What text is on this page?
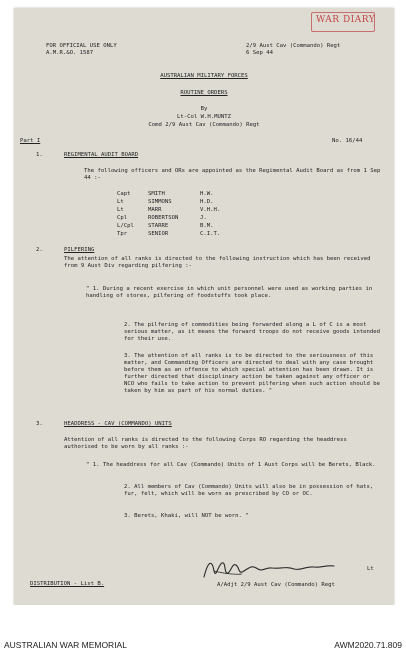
WAR DIARY
FOR OFFICIAL USE ONLY
A.M.R.&O. 1587
2/9 Aust Cav (Commando) Regt
6 Sep 44
AUSTRALIAN MILITARY FORCES
ROUTINE ORDERS
By
Lt-Col W.H.MUNTZ
Comd 2/9 Aust Cav (Commando) Regt
Part I	No. 16/44
1.	REGIMENTAL AUDIT BOARD
The following officers and ORs are appointed as the Regimental Audit Board as from 1 Sep 44 :-
Capt	SMITH	H.W.
Lt	SIMMONS	H.D.
Lt	MARR	V.H.H.
Cpl	ROBERTSON	J.
L/Cpl	STARRE	B.M.
Tpr	SENIOR	C.I.T.
2.	PILFERING
The attention of all ranks is directed to the following instruction which has been received from 9 Aust Div regarding pilfering :-
" 1. During a recent exercise in which unit personnel were used as working parties in handling of stores, pilfering of foodstuffs took place.
2. The pilfering of commodities being forwarded along a L of C is a most serious matter, as it means the forward troops do not receive goods intended for their use.
3. The attention of all ranks is to be directed to the seriousness of this matter, and Commanding Officers are directed to deal with any case brought before them as an offence to which special attention has been drawn. It is further directed that disciplinary action be taken against any officer or NCO who fails to take action to prevent pilfering when such action should be taken by him as part of his normal duties. "
3.	HEADDRESS - CAV (COMMANDO) UNITS
Attention of all ranks is directed to the following Corps RO regarding the headdress authorised to be worn by all ranks :-
" 1. The headdress for all Cav (Commando) Units of 1 Aust Corps will be Berets, Black.
2. All members of Cav (Commando) Units will also be in possession of hats, fur, felt, which will be worn as prescribed by CO or OC.
3. Berets, Khaki, will NOT be worn. "
Lt
A/Adjt 2/9 Aust Cav (Commando) Regt
DISTRIBUTION - List B.
AUSTRALIAN WAR MEMORIAL	AWM2020.71.809
